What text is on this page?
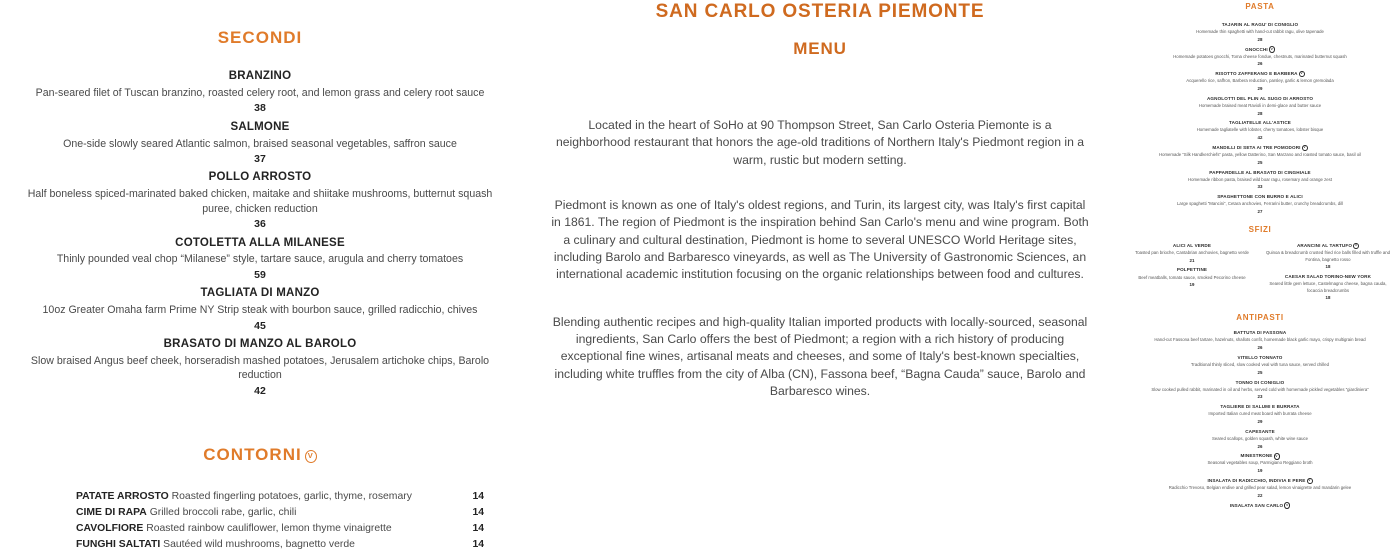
SECONDI
BRANZINO
Pan-seared filet of Tuscan branzino, roasted celery root, and lemon grass and celery root sauce
38
SALMONE
One-side slowly seared Atlantic salmon, braised seasonal vegetables, saffron sauce
37
POLLO ARROSTO
Half boneless spiced-marinated baked chicken, maitake and shiitake mushrooms, butternut squash puree, chicken reduction
36
COTOLETTA ALLA MILANESE
Thinly pounded veal chop “Milanese” style, tartare sauce, arugula and cherry tomatoes
59
TAGLIATA DI MANZO
10oz Greater Omaha farm Prime NY Strip steak with bourbon sauce, grilled radicchio, chives
45
BRASATO DI MANZO AL BAROLO
Slow braised Angus beef cheek, horseradish mashed potatoes, Jerusalem artichoke chips, Barolo reduction
42
CONTORNI V
PATATE ARROSTO Roasted fingerling potatoes, garlic, thyme, rosemary	14
CIME DI RAPA Grilled broccoli rabe, garlic, chili	14
CAVOLFIORE Roasted rainbow cauliflower, lemon thyme vinaigrette	14
FUNGHI SALTATI Sautéed wild mushrooms, bagnetto verde	14
SAN CARLO OSTERIA PIEMONTE
MENU
Located in the heart of SoHo at 90 Thompson Street, San Carlo Osteria Piemonte is a neighborhood restaurant that honors the age-old traditions of Northern Italy's Piedmont region in a warm, rustic but modern setting.
Piedmont is known as one of Italy's oldest regions, and Turin, its largest city, was Italy's first capital in 1861. The region of Piedmont is the inspiration behind San Carlo's menu and wine program. Both a culinary and cultural destination, Piedmont is home to several UNESCO World Heritage sites, including Barolo and Barbaresco vineyards, as well as The University of Gastronomic Sciences, an international academic institution focusing on the organic relationships between food and cultures.
Blending authentic recipes and high-quality Italian imported products with locally-sourced, seasonal ingredients, San Carlo offers the best of Piedmont; a region with a rich history of producing exceptional fine wines, artisanal meats and cheeses, and some of Italy's best-known specialties, including white truffles from the city of Alba (CN), Fassona beef, “Bagna Cauda” sauce, Barolo and Barbaresco wines.
PASTA
TAJARIN AL RAGU' DI CONIGLIO
Homemade thin spaghetti with hand-cut rabbit ragu, olive tapenade
28
GNOCCHI V
Homemade potatoes gnocchi, Toma cheese fondue, chestnuts, marinated butternut squash
26
RISOTTO ZAFFERANO E BARBERA V
Acquerello rice, saffron, Barbera reduction, parsley, garlic & lemon gremolada
29
AGNOLOTTI DEL PLIN AL SUGO DI ARROSTO
Homemade braised meat Ravioli in demi-glace and butter sauce
28
TAGLIATELLE ALL'ASTICE
Homemade tagliatelle with lobster, cherry tomatoes, lobster bisque
42
MANDILLI DI SETA AI TRE POMODORI V
Homemade “Silk Handkerchiefs” pasta, yellow Datterino, San Marzano and roasted tomato sauce, basil oil
25
PAPPARDELLE AL BRASATO DI CINGHIALE
Homemade ribbon pasta, braised wild boar ragu, rosemary and orange zest
33
SPAGHETTONE CON BURRO E ALICI
Large spaghetti “Mancini”, Cetara anchovies, Ferrarini butter, crunchy breadcrumbs, dill
27
SFIZI
ALICI AL VERDE
Toasted pan brioche, Cantabrian anchovies, bagnetto verde
21
POLPETTINE
Beef meatballs, tomato sauce, smoked Pecorino cheese
19
ARANCINI AL TARTUFO V
Quinoa & breadcrumb crusted fried rice balls filled with truffle and Fontina, bagnetto rosso
18
CAESAR SALAD TORINO-NEW YORK
Seared little gem lettuce, Castelmagno cheese, bagna cauda, focaccia breadcrumbs
18
ANTIPASTI
BATTUTA DI FASSONA
Hand-cut Fassona beef tartare, hazelnuts, shallots confit, homemade black garlic mayo, crispy multigrain bread
26
VITELLO TONNATO
Traditional thinly sliced, slow cooked veal with tuna sauce, served chilled
25
TONNO DI CONIGLIO
Slow cooked pulled rabbit, marinated in oil and herbs, served cold with homemade pickled vegetables “giardiniera”
23
TAGLIERE DI SALUMI E BURRATA
Imported Italian cured meat board with burrata cheese
29
CAPESANTE
Seared scallops, golden squash, white wine sauce
26
MINESTRONE V
Seasonal vegetables soup, Parmigiano Reggiano broth
19
INSALATA DI RADICCHIO, INDIVIA E PERE V
Radicchio Trevoso, Belgian endive and grilled pear salad, lemon vinaigrette and mandarin gelee
22
INSALATA SAN CARLO V
